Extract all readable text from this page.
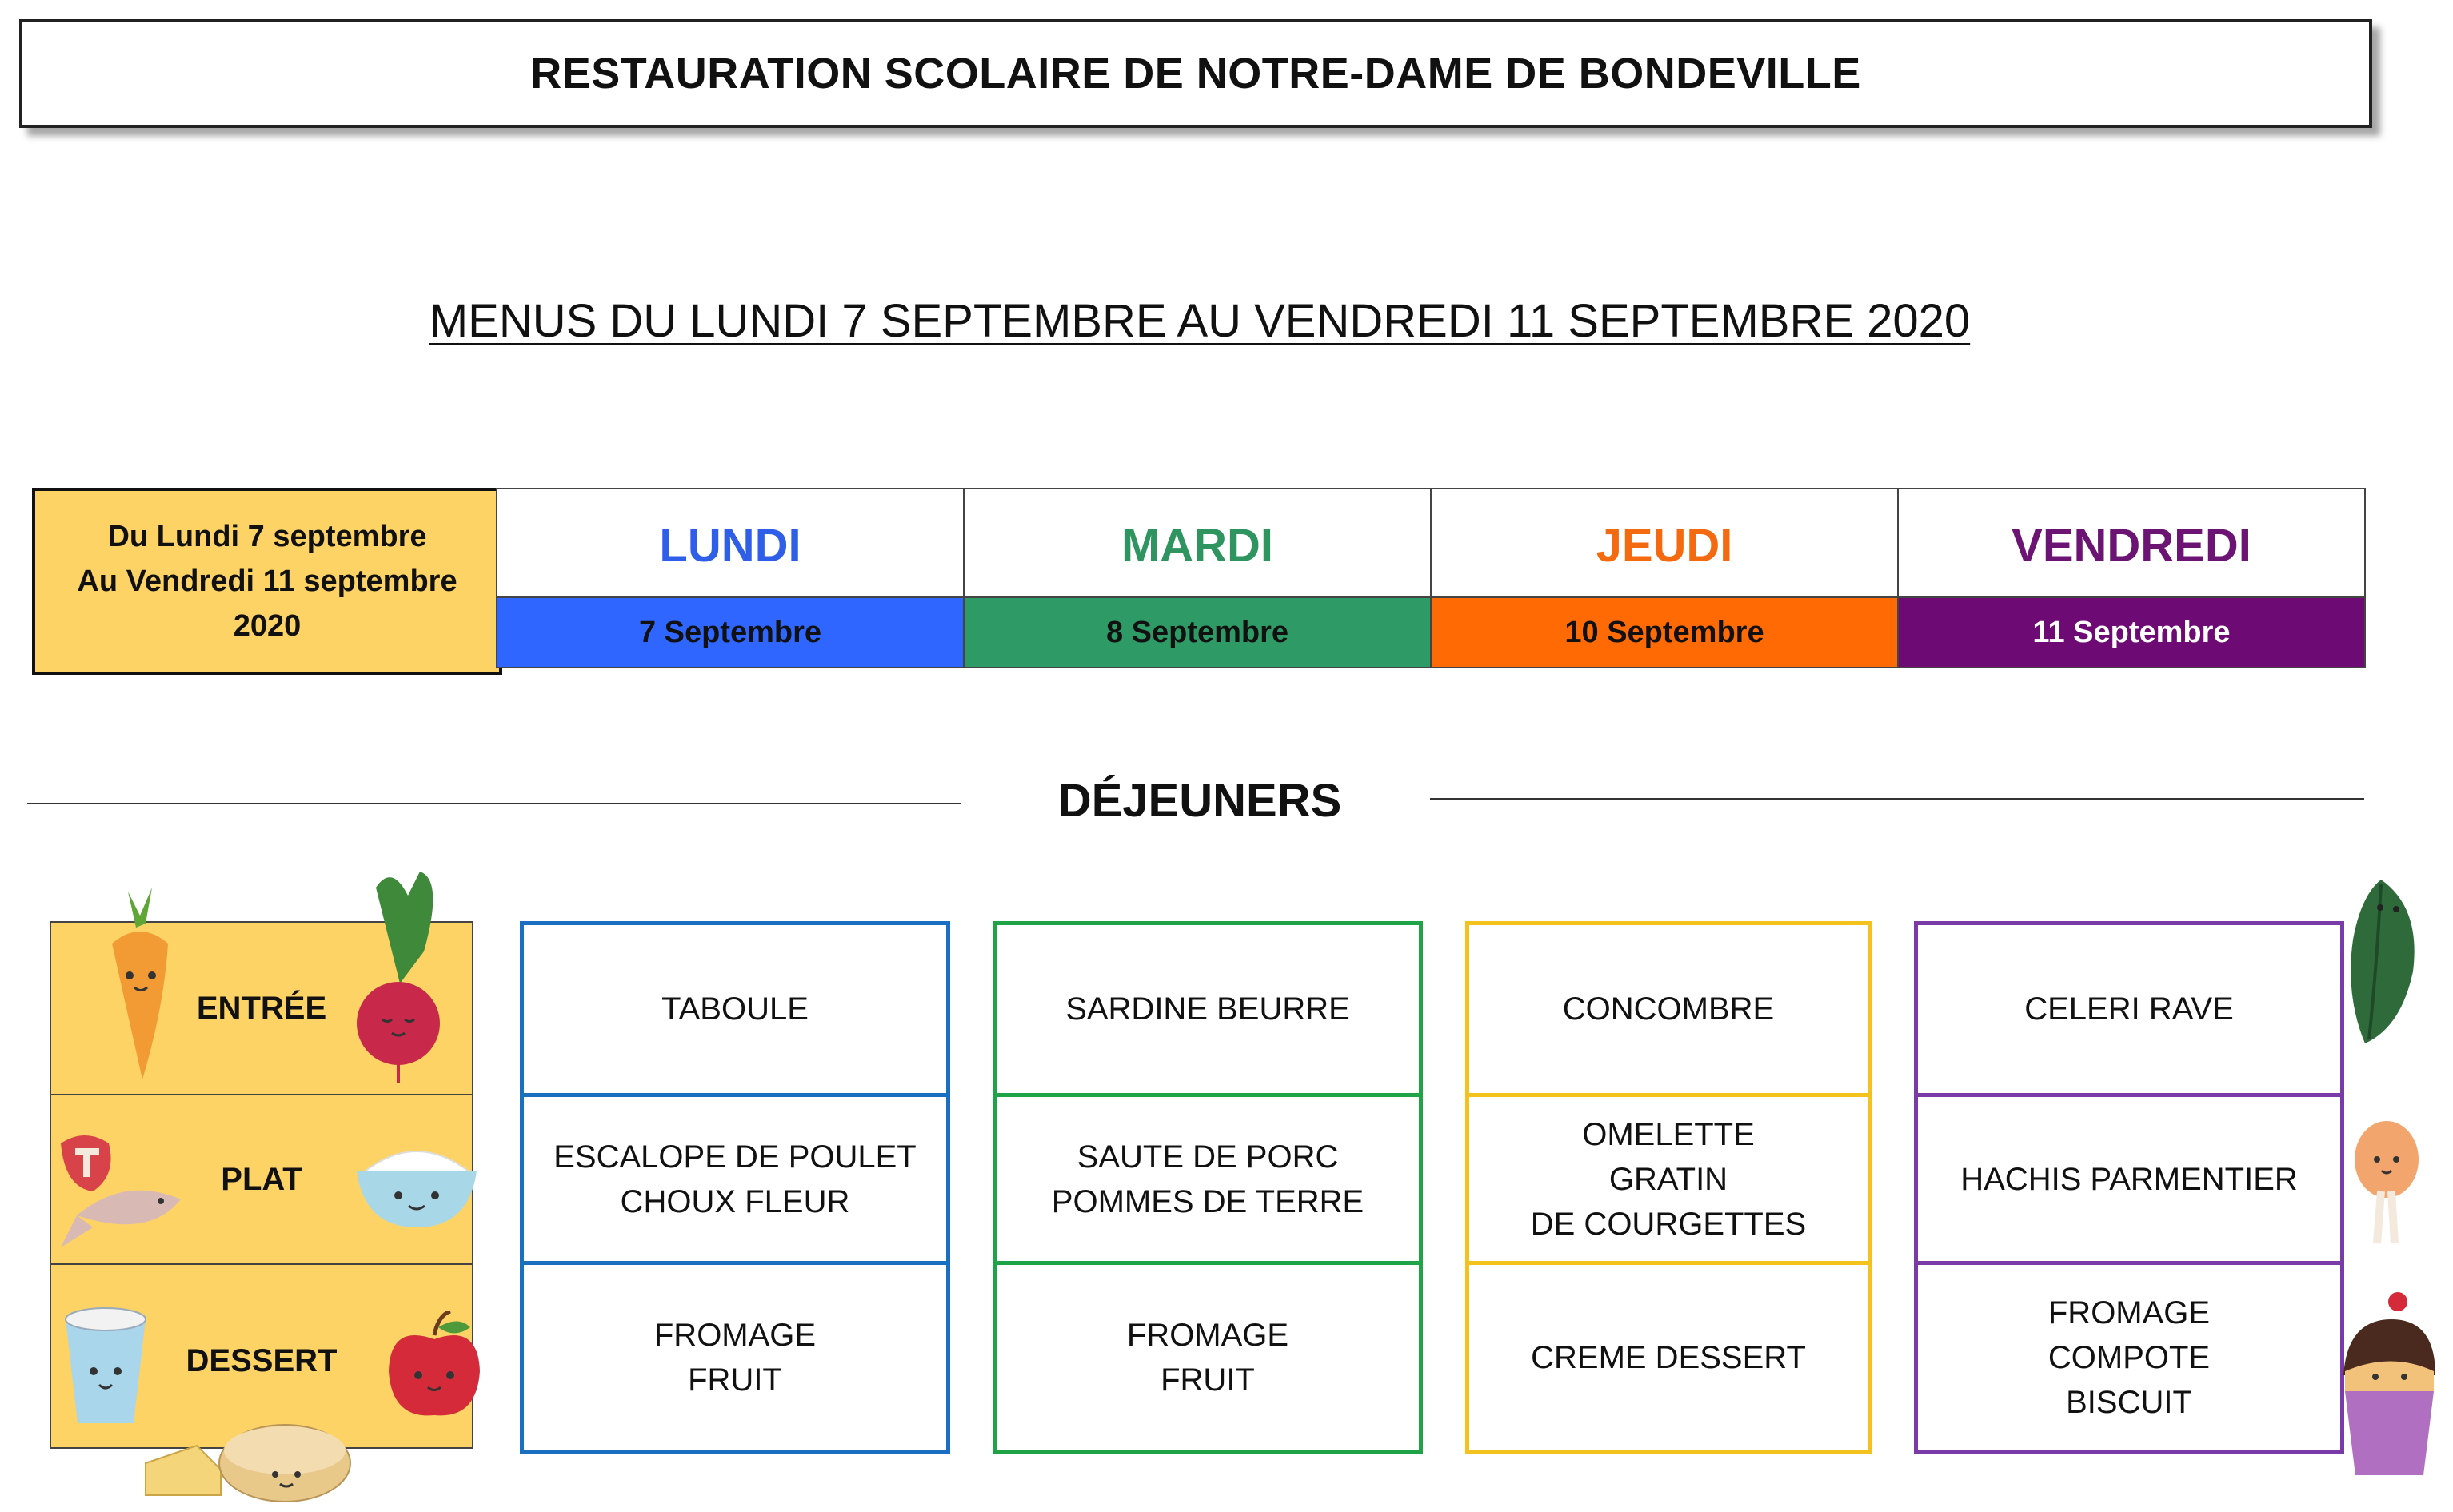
RESTAURATION SCOLAIRE DE NOTRE-DAME DE BONDEVILLE
MENUS DU LUNDI 7 SEPTEMBRE AU VENDREDI 11 SEPTEMBRE 2020
Du Lundi 7 septembre
Au Vendredi 11 septembre
2020
LUNDI
7 Septembre
MARDI
8 Septembre
JEUDI
10 Septembre
VENDREDI
11 Septembre
DÉJEUNERS
ENTRÉE
PLAT
DESSERT
TABOULE
ESCALOPE DE POULET
CHOUX FLEUR
FROMAGE
FRUIT
SARDINE BEURRE
SAUTE DE PORC
POMMES DE TERRE
FROMAGE
FRUIT
CONCOMBRE
OMELETTE
GRATIN
DE COURGETTES
CREME DESSERT
CELERI RAVE
HACHIS PARMENTIER
FROMAGE
COMPOTE
BISCUIT
